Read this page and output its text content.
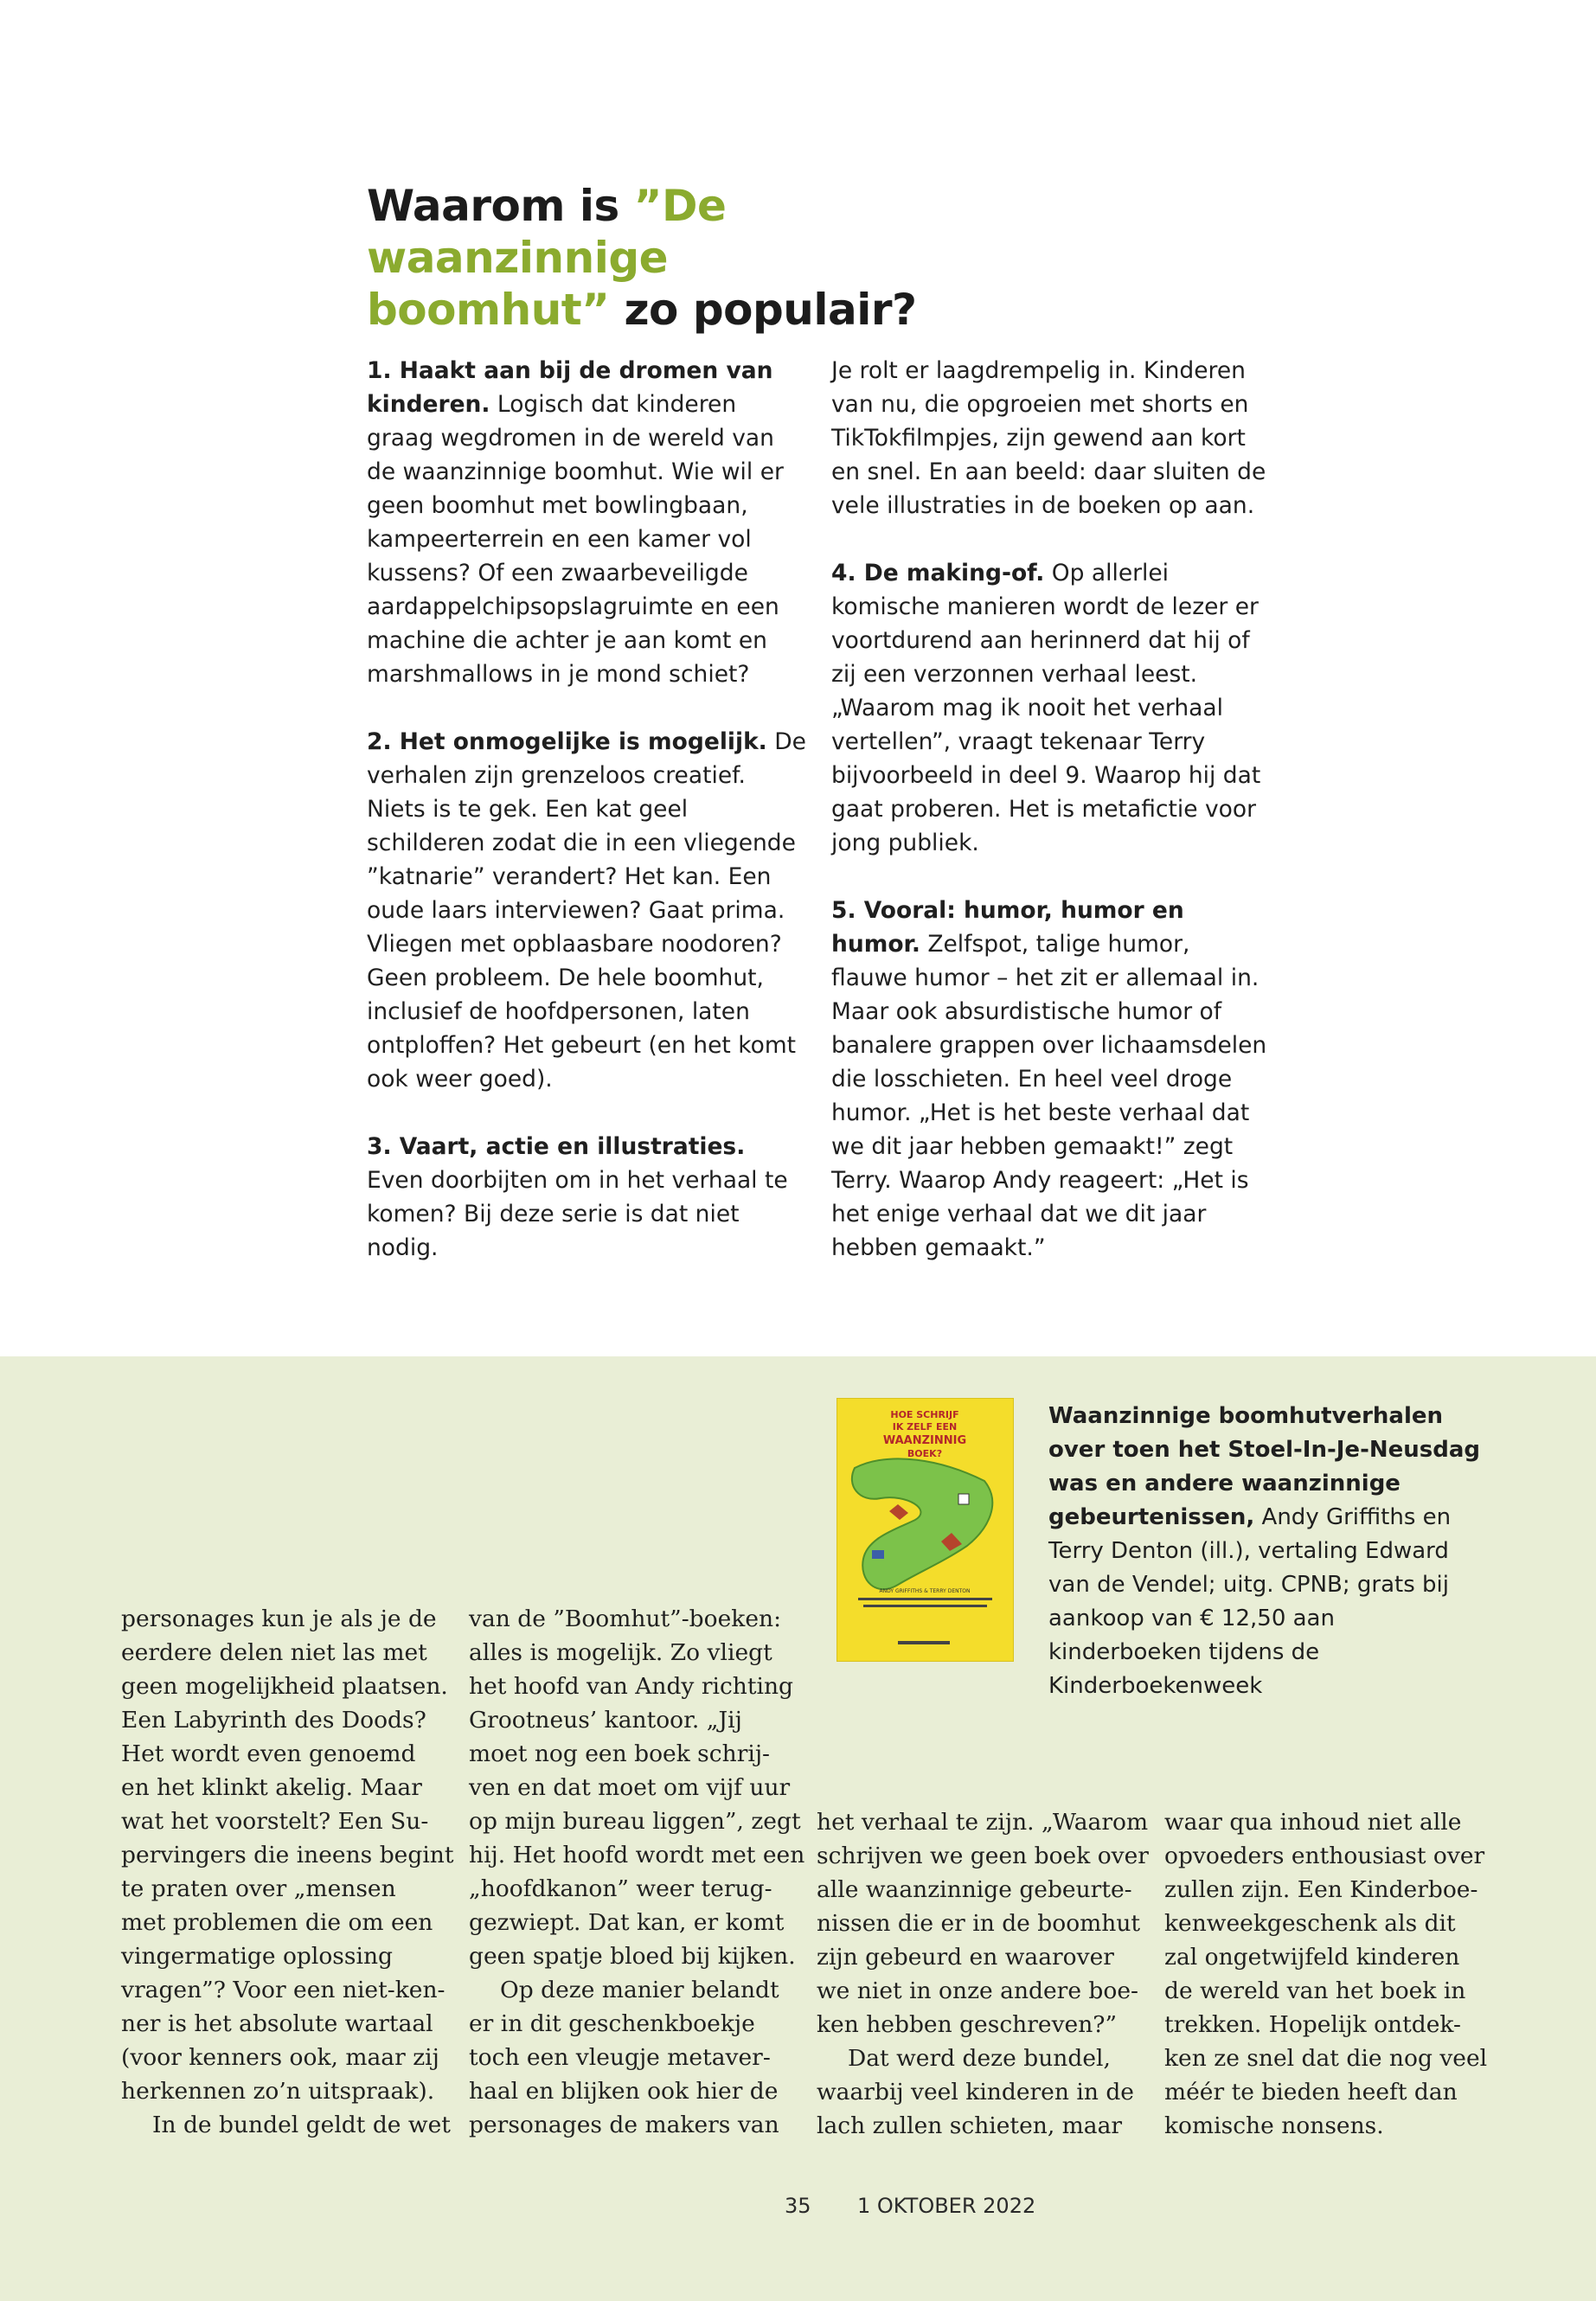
Waarom is ”De waanzinnige
boomhut” zo populair?

1. Haakt aan bij de dromen van kinderen. Logisch dat kinderen graag wegdromen in de wereld van de waanzinnige boomhut. Wie wil er geen boomhut met bowlingbaan, kampeerterrein en een kamer vol kussens? Of een zwaarbeveiligde aardappelchipsopslagruimte en een machine die achter je aan komt en marshmallows in je mond schiet?

2. Het onmogelijke is mogelijk. De verhalen zijn grenzeloos creatief. Niets is te gek. Een kat geel schilderen zodat die in een vliegende ”katnarie” verandert? Het kan. Een oude laars interviewen? Gaat prima. Vliegen met opblaasbare noodoren? Geen probleem. De hele boomhut, inclusief de hoofdpersonen, laten ontploffen? Het gebeurt (en het komt ook weer goed).

3. Vaart, actie en illustraties. Even doorbijten om in het verhaal te komen? Bij deze serie is dat niet nodig.

Je rolt er laagdrempelig in. Kinderen van nu, die opgroeien met shorts en TikTokfilmpjes, zijn gewend aan kort en snel. En aan beeld: daar sluiten de vele illustraties in de boeken op aan.

4. De making-of. Op allerlei komische manieren wordt de lezer er voortdurend aan herinnerd dat hij of zij een verzonnen verhaal leest. „Waarom mag ik nooit het verhaal vertellen”, vraagt tekenaar Terry bijvoorbeeld in deel 9. Waarop hij dat gaat proberen. Het is metafictie voor jong publiek.

5. Vooral: humor, humor en humor. Zelfspot, talige humor, flauwe humor – het zit er allemaal in. Maar ook absurdistische humor of banalere grappen over lichaamsdelen die losschieten. En heel veel droge humor. „Het is het beste verhaal dat we dit jaar hebben gemaakt!” zegt Terry. Waarop Andy reageert: „Het is het enige verhaal dat we dit jaar hebben gemaakt.”

HOE SCHRIJF
IK ZELF EEN
WAANZINNIG
BOEK?
ANDY GRIFFITHS & TERRY DENTON
Waanzinnige boomhutverhalen over toen het Stoel-In-Je-Neusdag was en andere waanzinnige gebeurtenissen, Andy Griffiths en Terry Denton (ill.), vertaling Edward van de Vendel; uitg. CPNB; grats bij aankoop van € 12,50 aan kinderboeken tijdens de Kinderboekenweek
personages kun je als je de
eerdere delen niet las met
geen mogelijkheid plaatsen.
Een Labyrinth des Doods?
Het wordt even genoemd
en het klinkt akelig. Maar
wat het voorstelt? Een Su-
pervingers die ineens begint
te praten over „mensen
met problemen die om een
vingermatige oplossing
vragen”? Voor een niet-ken-
ner is het absolute wartaal
(voor kenners ook, maar zij
herkennen zo’n uitspraak).
In de bundel geldt de wet
van de ”Boomhut”-boeken:
alles is mogelijk. Zo vliegt
het hoofd van Andy richting
Grootneus’ kantoor. „Jij
moet nog een boek schrij-
ven en dat moet om vijf uur
op mijn bureau liggen”, zegt
hij. Het hoofd wordt met een
„hoofdkanon” weer terug-
gezwiept. Dat kan, er komt
geen spatje bloed bij kijken.
Op deze manier belandt
er in dit geschenkboekje
toch een vleugje metaver-
haal en blijken ook hier de
personages de makers van
het verhaal te zijn. „Waarom
schrijven we geen boek over
alle waanzinnige gebeurte-
nissen die er in de boomhut
zijn gebeurd en waarover
we niet in onze andere boe-
ken hebben geschreven?”
Dat werd deze bundel,
waarbij veel kinderen in de
lach zullen schieten, maar
waar qua inhoud niet alle
opvoeders enthousiast over
zullen zijn. Een Kinderboe-
kenweekgeschenk als dit
zal ongetwijfeld kinderen
de wereld van het boek in
trekken. Hopelijk ontdek-
ken ze snel dat die nog veel
méér te bieden heeft dan
komische nonsens.
35 1 OKTOBER 2022
